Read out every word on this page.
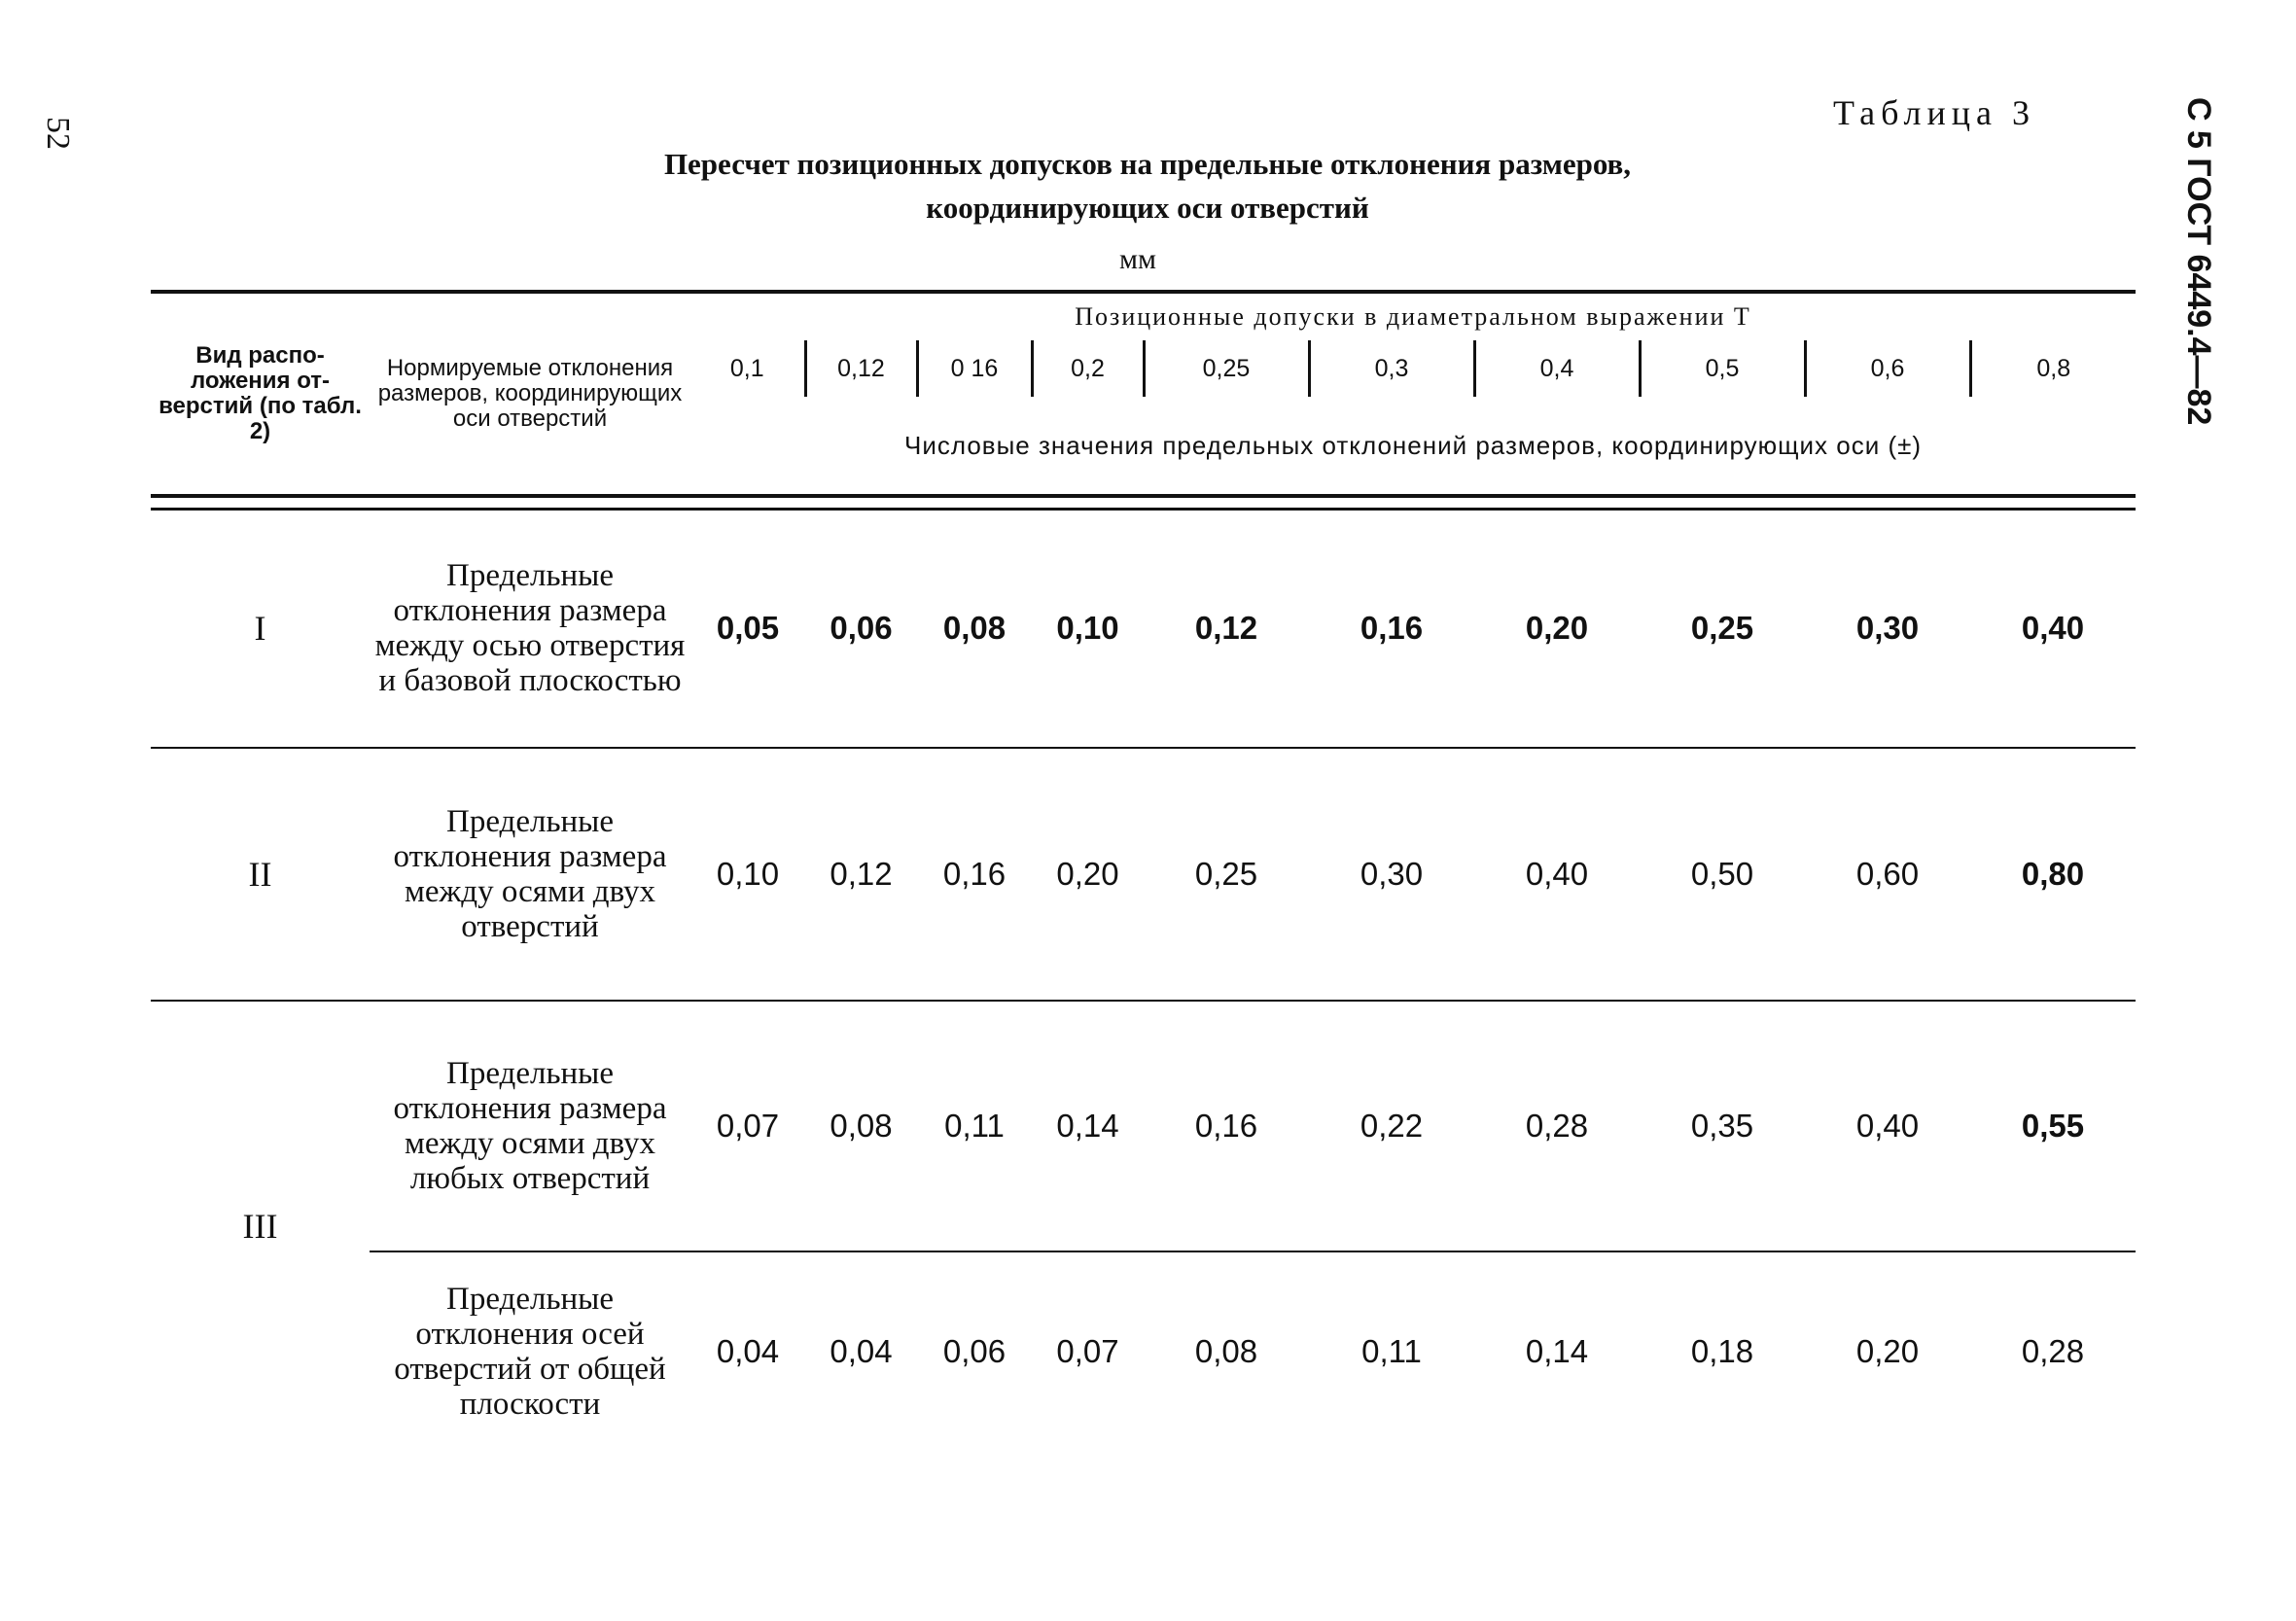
52	С 5 ГОСТ 6449.4—82
Таблица 3
Пересчет позиционных допусков на предельные отклонения размеров,
координирующих оси отверстий
мм
Вид расположения отверстий (по табл. 2)	Нормируемые отклонения размеров, координирующих оси отверстий	Позиционные допуски в диаметральном выражении T									
		0,1	0,12	0 16	0,2	0,25	0,3	0,4	0,5	0,6	0,8
		Числовые значения предельных отклонений размеров, координирующих оси (±)									

I	Предельные отклонения размера между осью отверстия и базовой плоскостью	0,05	0,06	0,08	0,10	0,12	0,16	0,20	0,25	0,30	0,40
II	Предельные отклонения размера между осями двух отверстий	0,10	0,12	0,16	0,20	0,25	0,30	0,40	0,50	0,60	0,80
III	Предельные отклонения размера между осями двух любых отверстий	0,07	0,08	0,11	0,14	0,16	0,22	0,28	0,35	0,40	0,55
	Предельные отклонения осей отверстий от общей плоскости	0,04	0,04	0,06	0,07	0,08	0,11	0,14	0,18	0,20	0,28
